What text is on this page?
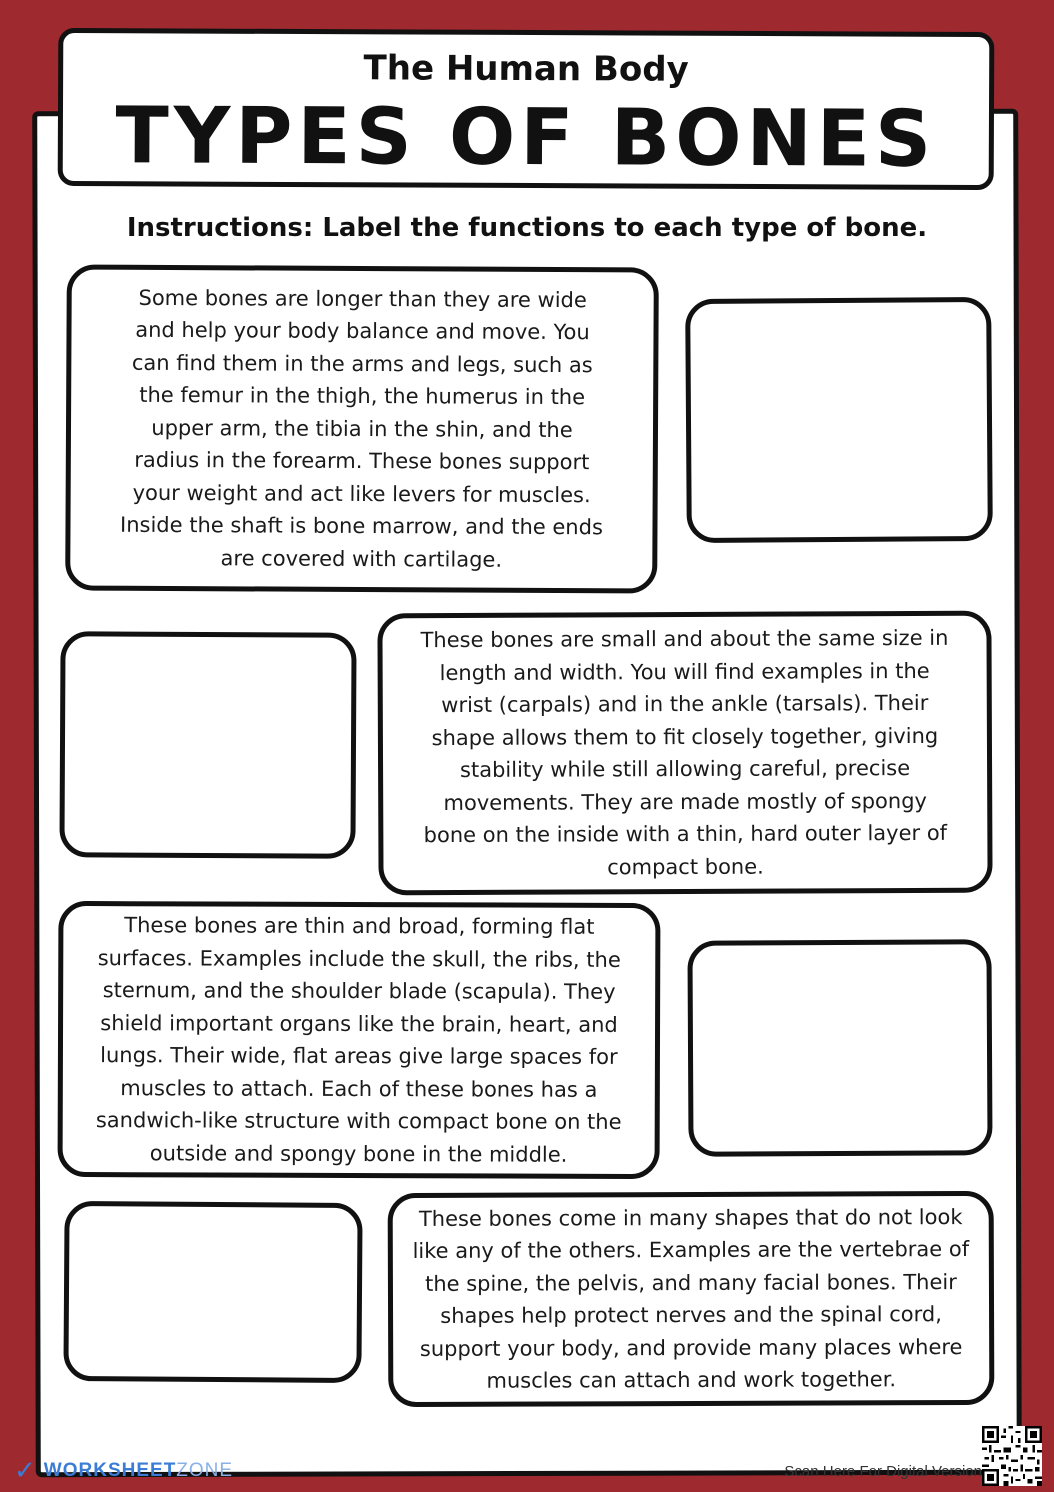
The Human Body
TYPES OF BONES
Instructions: Label the functions to each type of bone.
Some bones are longer than they are wide and help your body balance and move. You can find them in the arms and legs, such as the femur in the thigh, the humerus in the upper arm, the tibia in the shin, and the radius in the forearm. These bones support your weight and act like levers for muscles. Inside the shaft is bone marrow, and the ends are covered with cartilage.
These bones are small and about the same size in length and width. You will find examples in the wrist (carpals) and in the ankle (tarsals). Their shape allows them to fit closely together, giving stability while still allowing careful, precise movements. They are made mostly of spongy bone on the inside with a thin, hard outer layer of compact bone.
These bones are thin and broad, forming flat surfaces. Examples include the skull, the ribs, the sternum, and the shoulder blade (scapula). They shield important organs like the brain, heart, and lungs. Their wide, flat areas give large spaces for muscles to attach. Each of these bones has a sandwich-like structure with compact bone on the outside and spongy bone in the middle.
These bones come in many shapes that do not look like any of the others. Examples are the vertebrae of the spine, the pelvis, and many facial bones. Their shapes help protect nerves and the spinal cord, support your body, and provide many places where muscles can attach and work together.
✓ WORKSHEETZONE	Scan Here For Digital Version
